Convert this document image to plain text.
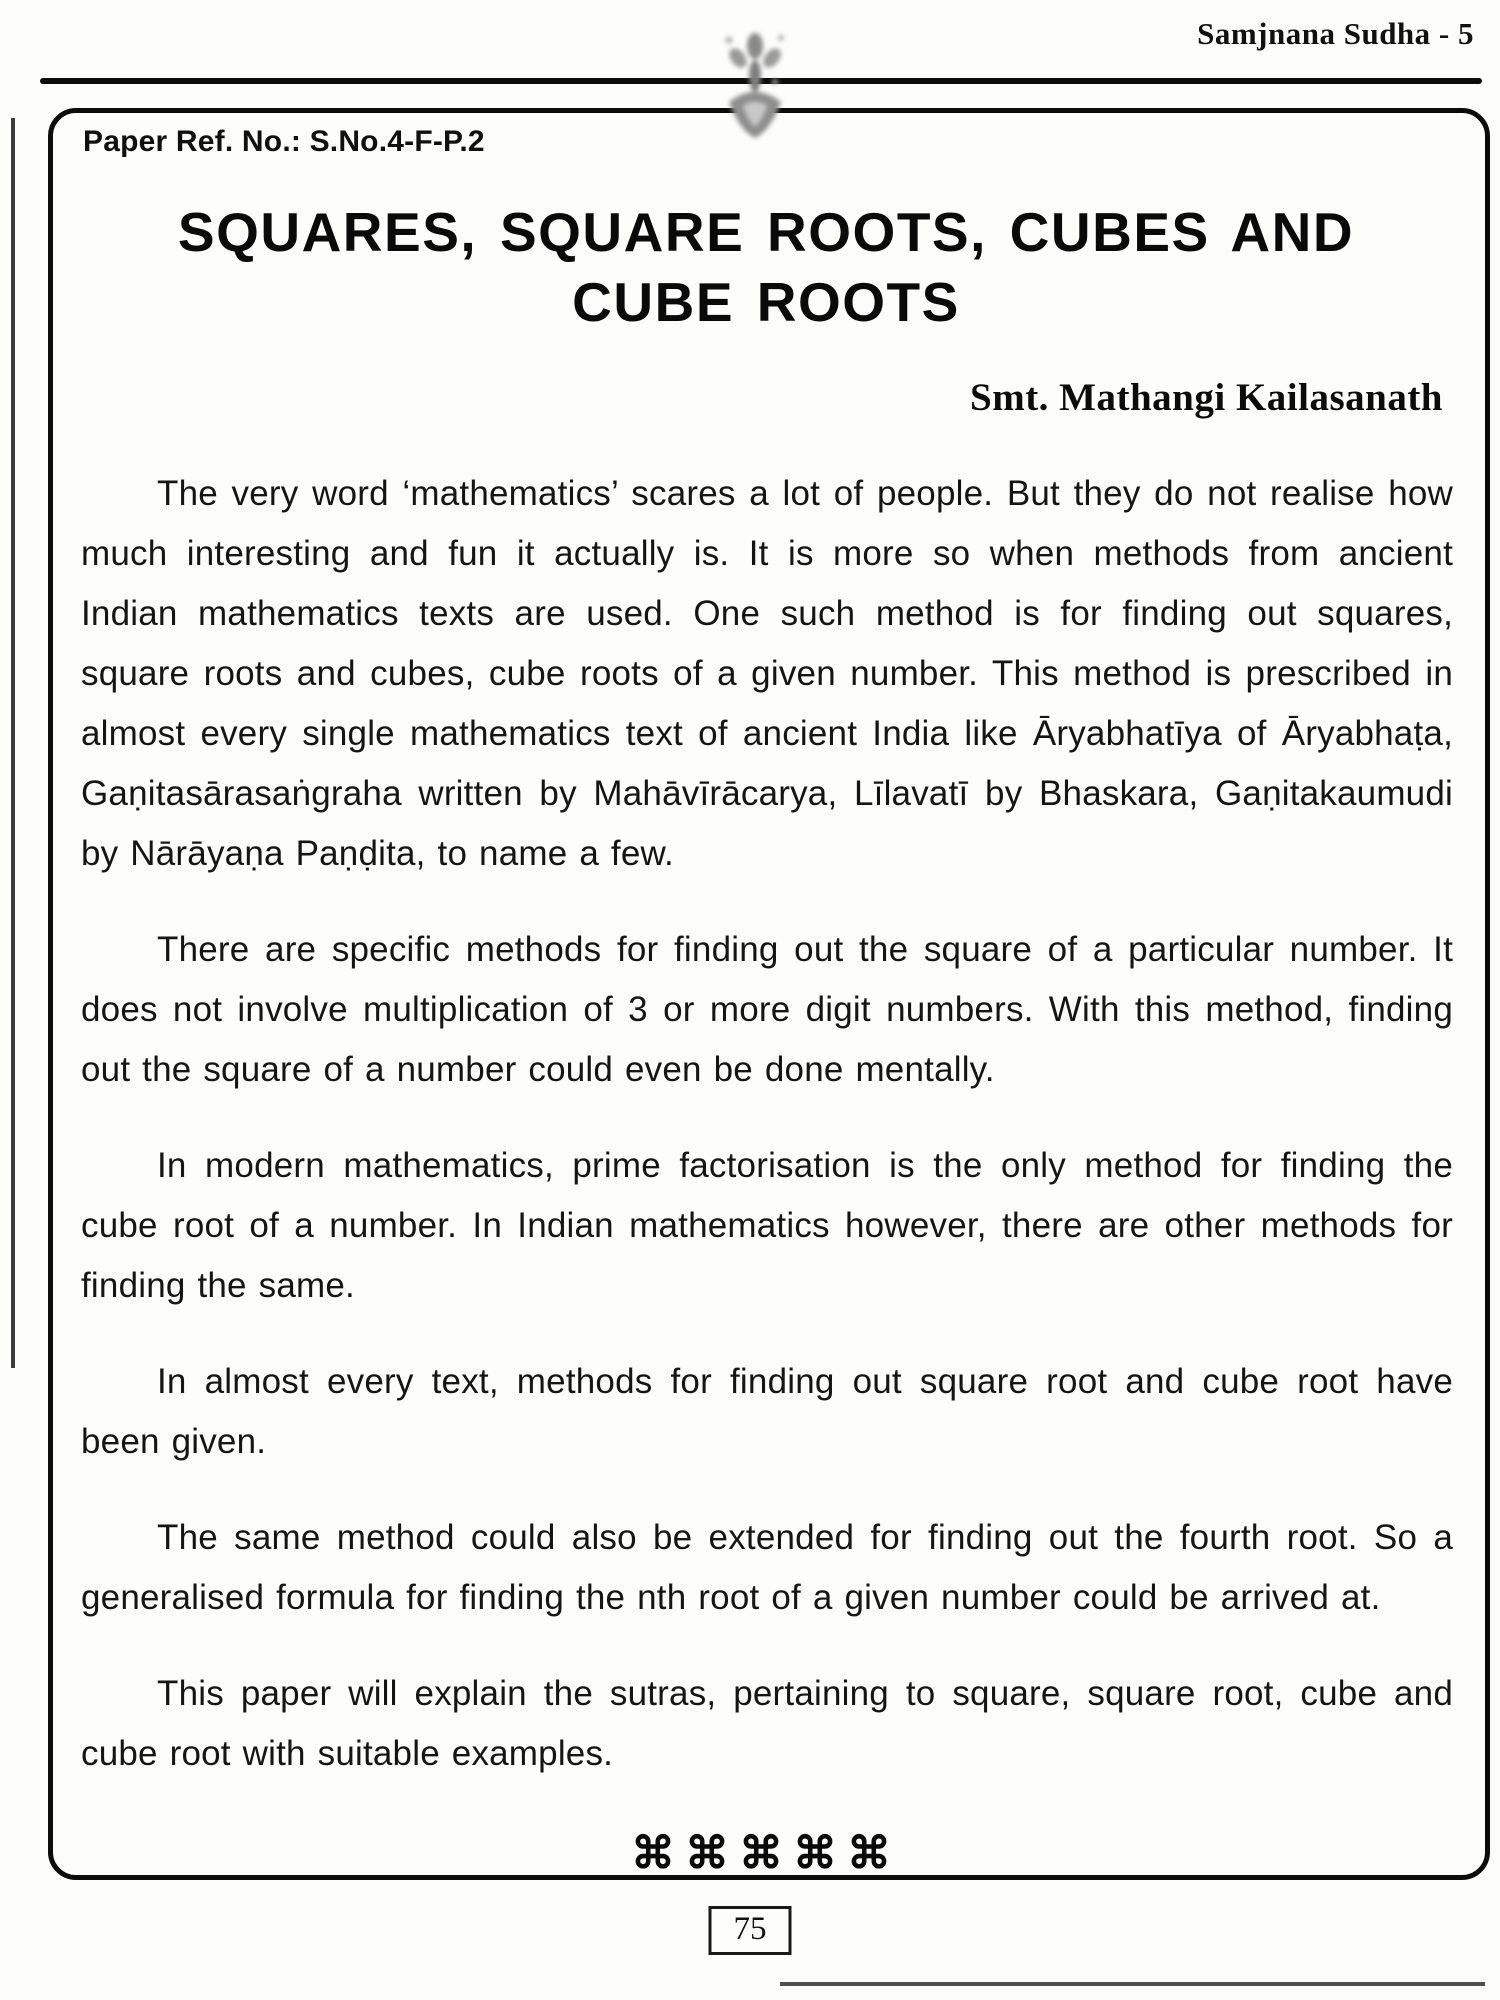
Samjnana Sudha - 5
Paper Ref. No.: S.No.4-F-P.2
SQUARES, SQUARE ROOTS, CUBES AND
CUBE ROOTS
Smt. Mathangi Kailasanath

The very word ‘mathematics’ scares a lot of people. But they do not realise how much interesting and fun it actually is. It is more so when methods from ancient Indian mathematics texts are used. One such method is for finding out squares, square roots and cubes, cube roots of a given number. This method is prescribed in almost every single mathematics text of ancient India like Āryabhatīya of Āryabhaṭa, Gaṇitasārasaṅgraha written by Mahāvīrācarya, Līlavatī by Bhaskara, Gaṇitakaumudi by Nārāyaṇa Paṇḍita, to name a few.

There are specific methods for finding out the square of a particular number. It does not involve multiplication of 3 or more digit numbers. With this method, finding out the square of a number could even be done mentally.

In modern mathematics, prime factorisation is the only method for finding the cube root of a number. In Indian mathematics however, there are other methods for finding the same.

In almost every text, methods for finding out square root and cube root have been given.

The same method could also be extended for finding out the fourth root. So a generalised formula for finding the nth root of a given number could be arrived at.

This paper will explain the sutras, pertaining to square, square root, cube and cube root with suitable examples.

⌘⌘⌘⌘⌘
75
